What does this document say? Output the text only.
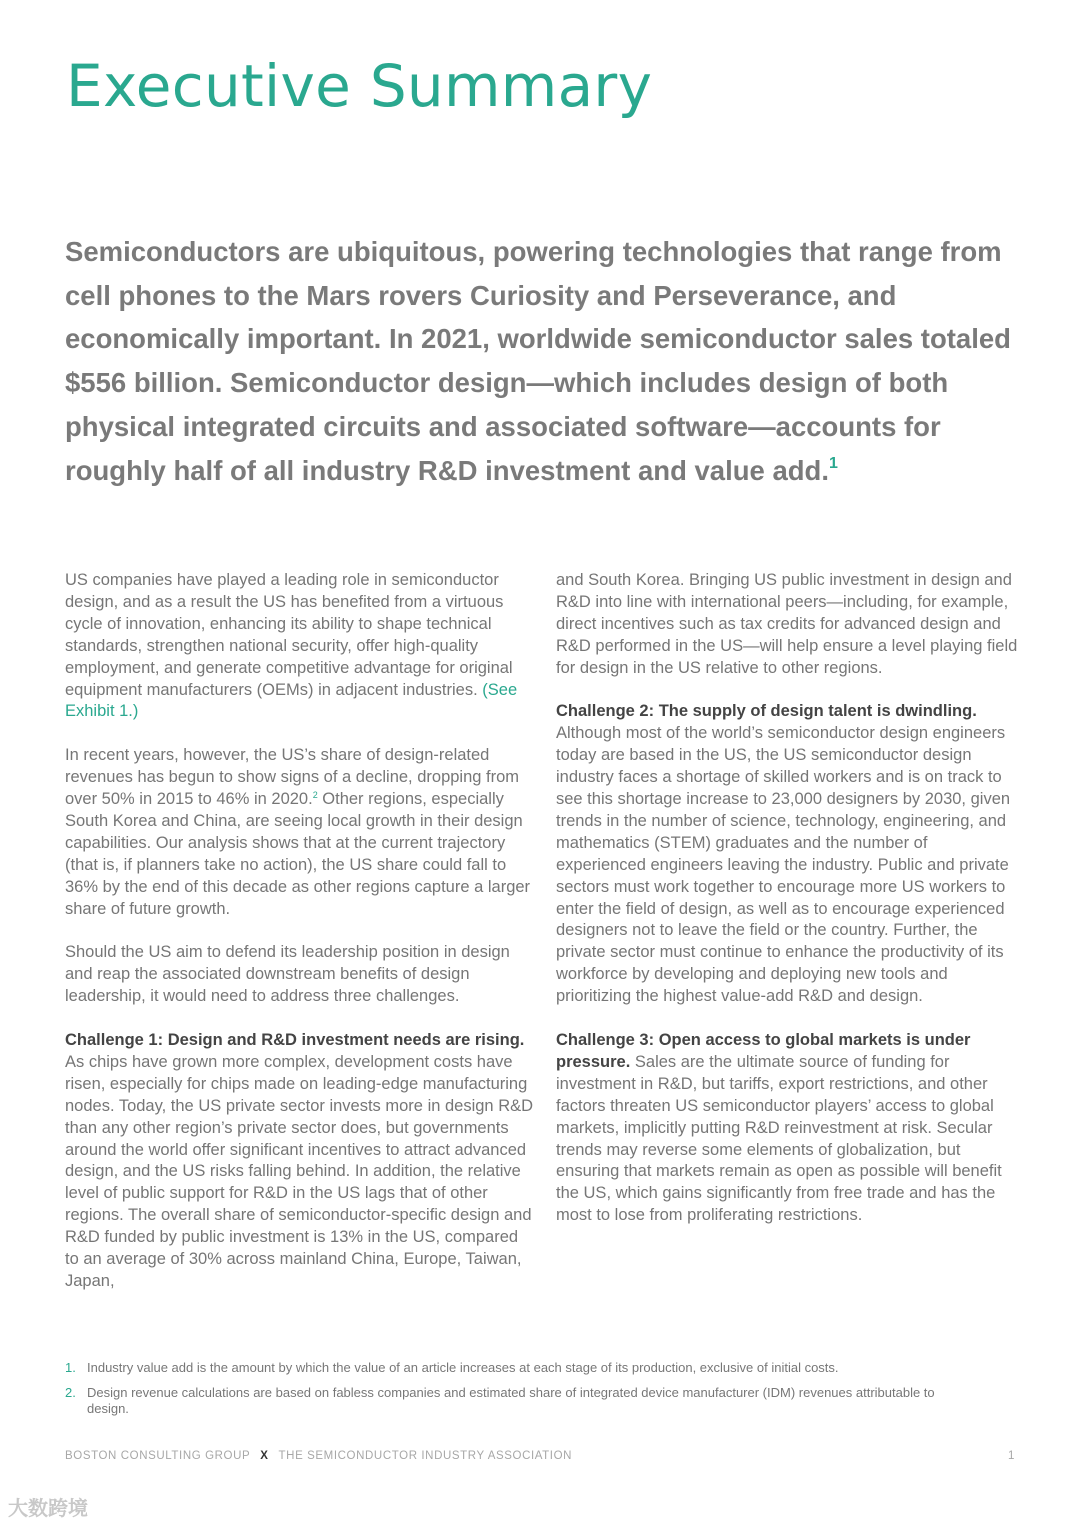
Executive Summary

Semiconductors are ubiquitous, powering technologies that range from cell phones to the Mars rovers Curiosity and Perseverance, and economically important. In 2021, worldwide semiconductor sales totaled $556 billion. Semiconductor design—which includes design of both physical integrated circuits and associated software—accounts for roughly half of all industry R&D investment and value add.$^1$

US companies have played a leading role in semiconductor design, and as a result the US has benefited from a virtuous cycle of innovation, enhancing its ability to shape technical standards, strengthen national security, offer high-quality employment, and generate competitive advantage for original equipment manufacturers (OEMs) in adjacent industries. (See Exhibit 1.)

In recent years, however, the US’s share of design-related revenues has begun to show signs of a decline, dropping from over 50% in 2015 to 46% in 2020.$^2$ Other regions, especially South Korea and China, are seeing local growth in their design capabilities. Our analysis shows that at the current trajectory (that is, if planners take no action), the US share could fall to 36% by the end of this decade as other regions capture a larger share of future growth.

Should the US aim to defend its leadership position in design and reap the associated downstream benefits of design leadership, it would need to address three challenges.

Challenge 1: Design and R&D investment needs are rising. As chips have grown more complex, development costs have risen, especially for chips made on leading-edge manufacturing nodes. Today, the US private sector invests more in design R&D than any other region’s private sector does, but governments around the world offer significant incentives to attract advanced design, and the US risks falling behind. In addition, the relative level of public support for R&D in the US lags that of other regions. The overall share of semiconductor-specific design and R&D funded by public investment is 13% in the US, compared to an average of 30% across mainland China, Europe, Taiwan, Japan,

and South Korea. Bringing US public investment in design and R&D into line with international peers—including, for example, direct incentives such as tax credits for advanced design and R&D performed in the US—will help ensure a level playing field for design in the US relative to other regions.

Challenge 2: The supply of design talent is dwindling. Although most of the world’s semiconductor design engineers today are based in the US, the US semiconductor design industry faces a shortage of skilled workers and is on track to see this shortage increase to 23,000 designers by 2030, given trends in the number of science, technology, engineering, and mathematics (STEM) graduates and the number of experienced engineers leaving the industry. Public and private sectors must work together to encourage more US workers to enter the field of design, as well as to encourage experienced designers not to leave the field or the country. Further, the private sector must continue to enhance the productivity of its workforce by developing and deploying new tools and prioritizing the highest value-add R&D and design.

Challenge 3: Open access to global markets is under pressure. Sales are the ultimate source of funding for investment in R&D, but tariffs, export restrictions, and other factors threaten US semiconductor players’ access to global markets, implicitly putting R&D reinvestment at risk. Secular trends may reverse some elements of globalization, but ensuring that markets remain as open as possible will benefit the US, which gains significantly from free trade and has the most to lose from proliferating restrictions.

1. Industry value add is the amount by which the value of an article increases at each stage of its production, exclusive of initial costs.
2. Design revenue calculations are based on fabless companies and estimated share of integrated device manufacturer (IDM) revenues attributable to design.
BOSTON CONSULTING GROUP X THE SEMICONDUCTOR INDUSTRY ASSOCIATION	1
大数跨境
